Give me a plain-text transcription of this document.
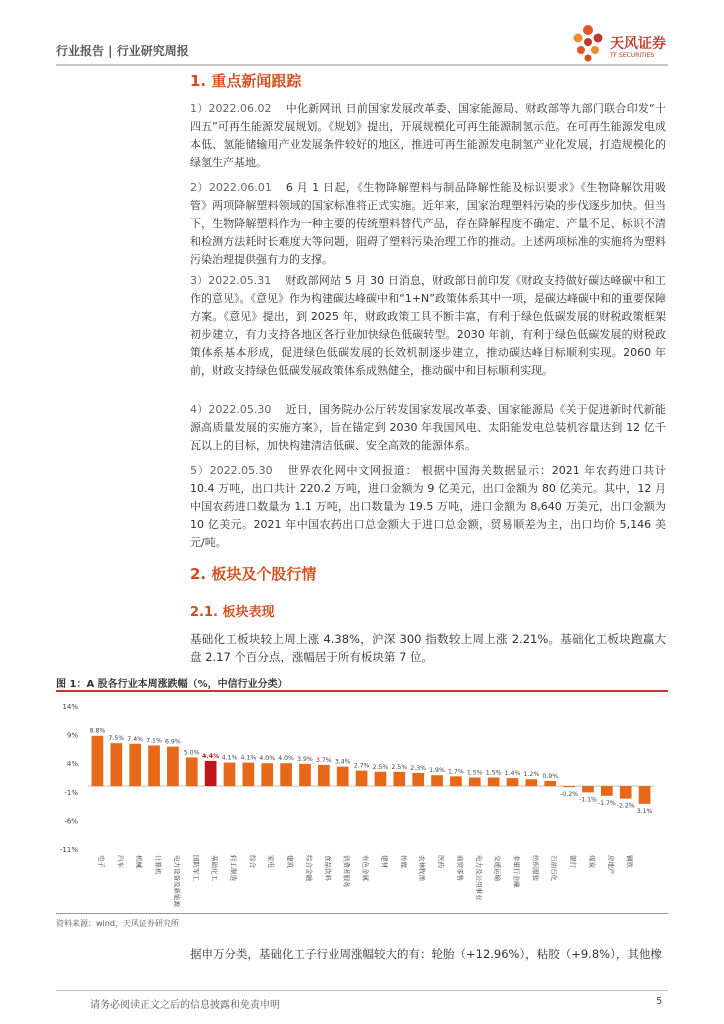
行业报告 | 行业研究周报	天风证券
TF SECURITIES
1. 重点新闻跟踪
1）2022.06.02 中化新网讯 日前国家发展改革委、国家能源局、财政部等九部门联合印发“十四五”可再生能源发展规划。《规划》提出，开展规模化可再生能源制氢示范。在可再生能源发电成本低、氢能储输用产业发展条件较好的地区，推进可再生能源发电制氢产业化发展，打造规模化的绿氢生产基地。
2）2022.06.01 6 月 1 日起，《生物降解塑料与制品降解性能及标识要求》《生物降解饮用吸管》两项降解塑料领域的国家标准将正式实施。近年来，国家治理塑料污染的步伐逐步加快。但当下，生物降解塑料作为一种主要的传统塑料替代产品，存在降解程度不确定、产量不足、标识不清和检测方法耗时长难度大等问题，阻碍了塑料污染治理工作的推动。上述两项标准的实施将为塑料污染治理提供强有力的支撑。
3）2022.05.31 财政部网站 5 月 30 日消息，财政部日前印发《财政支持做好碳达峰碳中和工作的意见》。《意见》作为构建碳达峰碳中和“1+N”政策体系其中一项，是碳达峰碳中和的重要保障方案。《意见》提出，到 2025 年，财政政策工具不断丰富，有利于绿色低碳发展的财税政策框架初步建立，有力支持各地区各行业加快绿色低碳转型。2030 年前，有利于绿色低碳发展的财税政策体系基本形成，促进绿色低碳发展的长效机制逐步建立，推动碳达峰目标顺利实现。2060 年前，财政支持绿色低碳发展政策体系成熟健全，推动碳中和目标顺利实现。
4）2022.05.30 近日，国务院办公厅转发国家发展改革委、国家能源局《关于促进新时代新能源高质量发展的实施方案》，旨在锚定到 2030 年我国风电、太阳能发电总装机容量达到 12 亿千瓦以上的目标，加快构建清洁低碳、安全高效的能源体系。
5）2022.05.30 世界农化网中文网报道： 根据中国海关数据显示：2021 年农药进口共计 10.4 万吨，出口共计 220.2 万吨，进口金额为 9 亿美元，出口金额为 80 亿美元。其中，12 月中国农药进口数量为 1.1 万吨，出口数量为 19.5 万吨，进口金额为 8,640 万美元，出口金额为 10 亿美元。2021 年中国农药出口总金额大于进口总金额，贸易顺差为主，出口均价 5,146 美元/吨。
2. 板块及个股行情
2.1. 板块表现
基础化工板块较上周上涨 4.38%，沪深 300 指数较上周上涨 2.21%。基础化工板块跑赢大盘 2.17 个百分点，涨幅居于所有板块第 7 位。
图 1：A 股各行业本周涨跌幅（%，中信行业分类）
14%
9%
4%
-1%
-6%
-11%
8.8%
7.5% 7.4% 7.1% 6.9%
5.0% 4.4% 4.1% 4.1% 4.0% 4.0% 3.9% 3.7% 3.4%
2.7% 2.5% 2.5% 2.3% 1.9% 1.7% 1.5% 1.5% 1.4% 1.2% 0.9%
-0.2%
-1.1% -1.7% -2.2%
3.1%
电子 汽车 机械 计算机 电力设备及新能源 国防军工 基础化工 轻工制造 综合 家电 建筑 综合金融 食品饮料 消费者服务 有色金属 建材 传媒 农林牧渔 医药 商贸零售 电力及公用事业 交通运输 非银行金融 纺织服装 石油石化 银行 煤炭 房地产 钢铁
资料来源：wind，天风证券研究所
据申万分类，基础化工子行业周涨幅较大的有：轮胎（+12.96%），粘胶（+9.8%），其他橡
请务必阅读正文之后的信息披露和免责申明	5
